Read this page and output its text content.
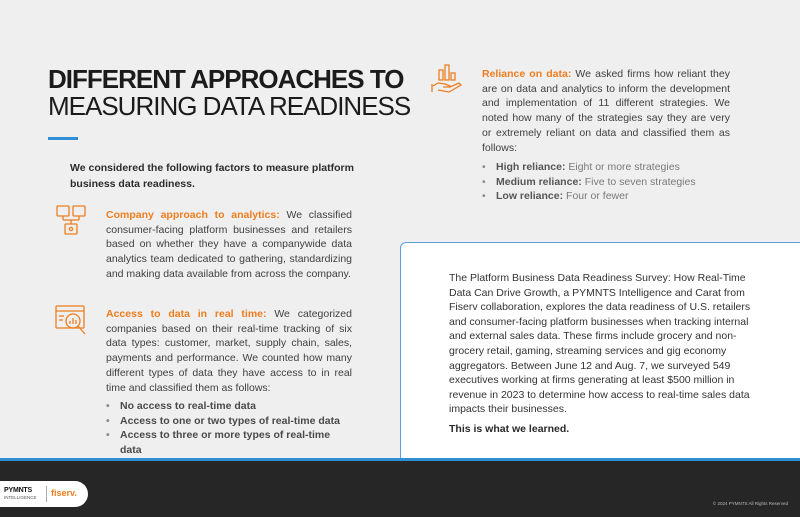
DIFFERENT APPROACHES TO
MEASURING DATA READINESS

We considered the following factors to measure platform business data readiness.

Company approach to analytics: We classified consumer-facing platform businesses and retailers based on whether they have a companywide data analytics team dedicated to gathering, standardizing and making data available from across the company.

Access to data in real time: We categorized companies based on their real-time tracking of six data types: customer, market, supply chain, sales, payments and performance. We counted how many different types of data they have access to in real time and classified them as follows:

• No access to real-time data
• Access to one or two types of real-time data
• Access to three or more types of real-time data

Reliance on data: We asked firms how reliant they are on data and analytics to inform the development and implementation of 11 different strategies. We noted how many of the strategies say they are very or extremely reliant on data and classified them as follows:

• High reliance: Eight or more strategies
• Medium reliance: Five to seven strategies
• Low reliance: Four or fewer

The Platform Business Data Readiness Survey: How Real-Time Data Can Drive Growth, a PYMNTS Intelligence and Carat from Fiserv collaboration, explores the data readiness of U.S. retailers and consumer-facing platform businesses when tracking internal and external sales data. These firms include grocery and non-grocery retail, gaming, streaming services and gig economy aggregators. Between June 12 and Aug. 7, we surveyed 549 executives working at firms generating at least $500 million in revenue in 2023 to determine how access to real-time sales data impacts their businesses.

This is what we learned.

PYMNTS
INTELLIGENCE fiserv.
© 2024 PYMNTS All Rights Reserved
